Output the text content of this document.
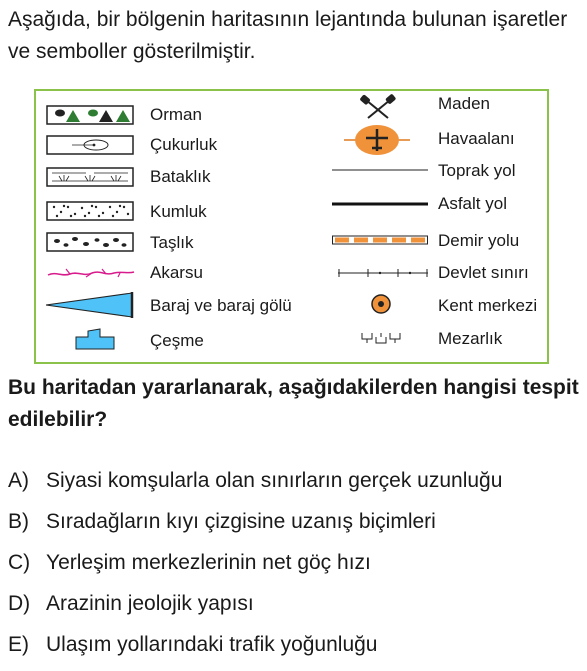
Aşağıda, bir bölgenin haritasının lejantında bulunan işaretler ve semboller gösterilmiştir.
Orman
Çukurluk
Bataklık
Kumluk
Taşlık
Akarsu
Baraj ve baraj gölü
Çeşme
Maden
Havaalanı
Toprak yol
Asfalt yol
Demir yolu
Devlet sınırı
Kent merkezi
Mezarlık
Bu haritadan yararlanarak, aşağıdakilerden hangisi tespit edilebilir?
A) Siyasi komşularla olan sınırların gerçek uzunluğu
B) Sıradağların kıyı çizgisine uzanış biçimleri
C) Yerleşim merkezlerinin net göç hızı
D) Arazinin jeolojik yapısı
E) Ulaşım yollarındaki trafik yoğunluğu
